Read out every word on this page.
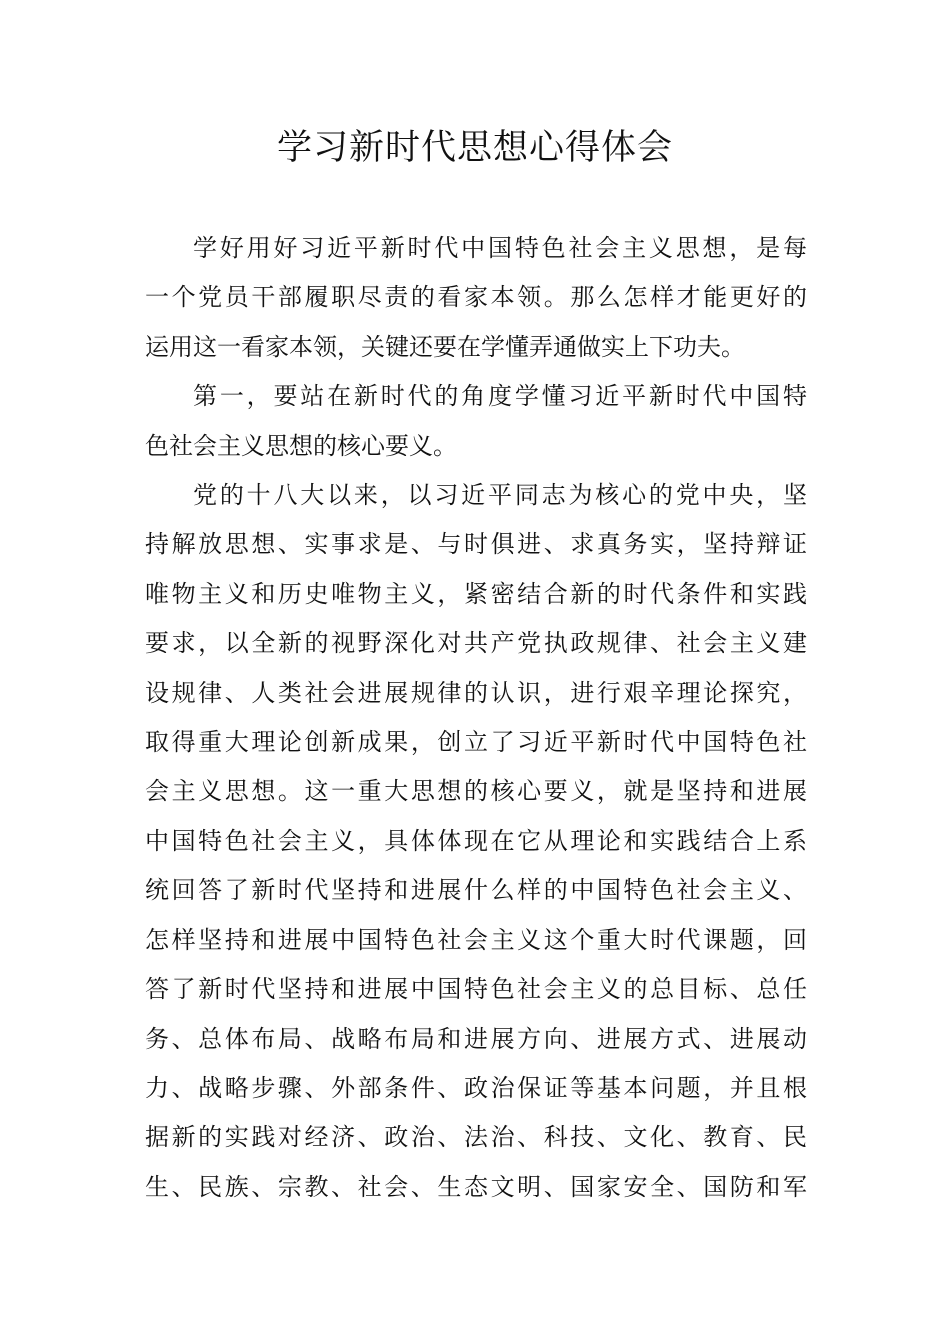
学习新时代思想心得体会

学好用好习近平新时代中国特色社会主义思想，是每
一个党员干部履职尽责的看家本领。那么怎样才能更好的
运用这一看家本领，关键还要在学懂弄通做实上下功夫。

第一，要站在新时代的角度学懂习近平新时代中国特
色社会主义思想的核心要义。

党的十八大以来，以习近平同志为核心的党中央，坚
持解放思想、实事求是、与时俱进、求真务实，坚持辩证
唯物主义和历史唯物主义，紧密结合新的时代条件和实践
要求，以全新的视野深化对共产党执政规律、社会主义建
设规律、人类社会进展规律的认识，进行艰辛理论探究，
取得重大理论创新成果，创立了习近平新时代中国特色社
会主义思想。这一重大思想的核心要义，就是坚持和进展
中国特色社会主义，具体体现在它从理论和实践结合上系
统回答了新时代坚持和进展什么样的中国特色社会主义、
怎样坚持和进展中国特色社会主义这个重大时代课题，回
答了新时代坚持和进展中国特色社会主义的总目标、总任
务、总体布局、战略布局和进展方向、进展方式、进展动
力、战略步骤、外部条件、政治保证等基本问题，并且根
据新的实践对经济、政治、法治、科技、文化、教育、民
生、民族、宗教、社会、生态文明、国家安全、国防和军
